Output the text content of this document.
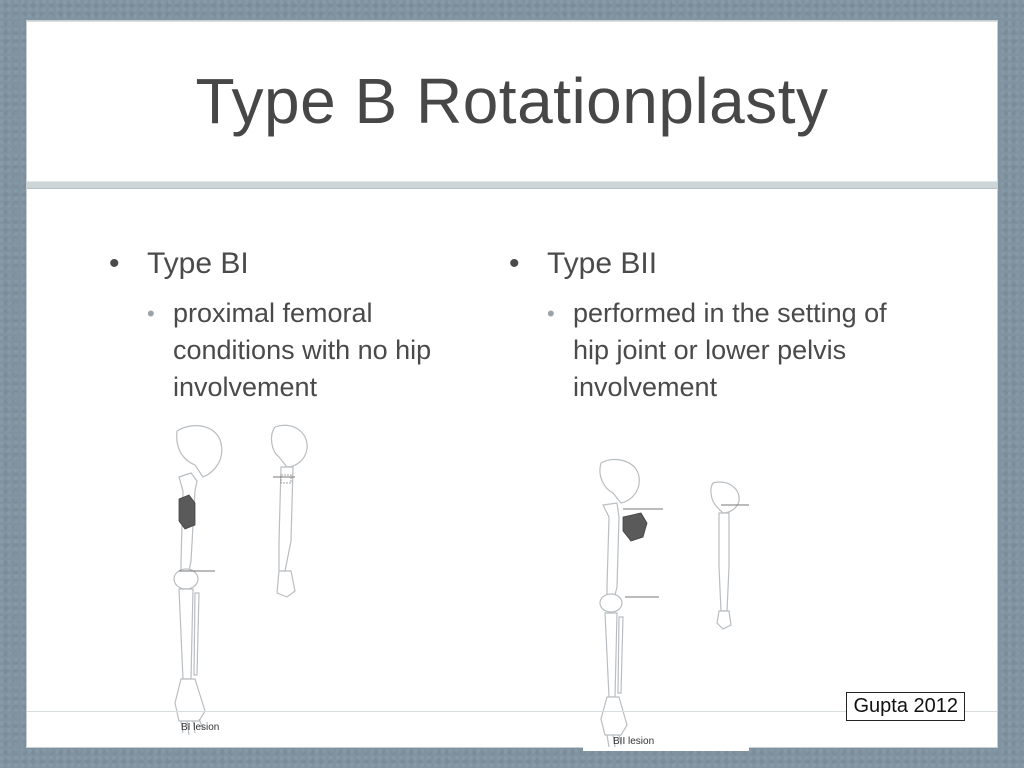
Type B Rotationplasty
• Type BI
• proximal femoral conditions with no hip involvement
• Type BII
• performed in the setting of hip joint or lower pelvis involvement
BI lesion
BII lesion
Gupta 2012
